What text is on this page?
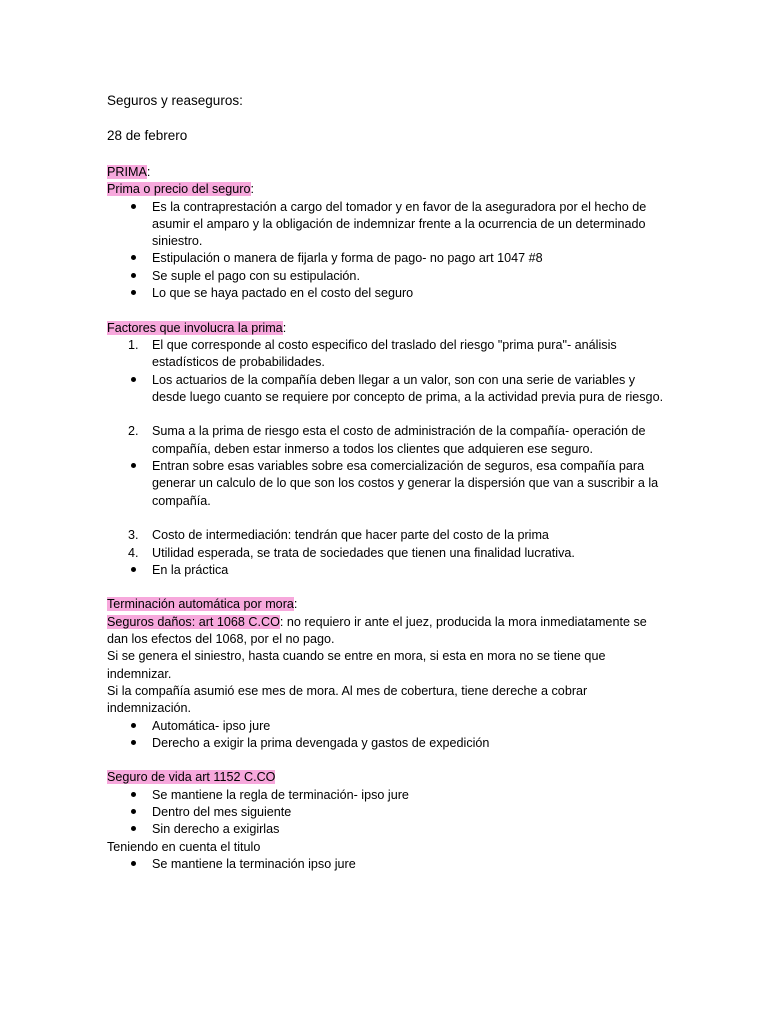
Seguros y reaseguros:

28 de febrero

PRIMA:

Prima o precio del seguro:

Es la contraprestación a cargo del tomador y en favor de la aseguradora por el hecho de asumir el amparo y la obligación de indemnizar frente a la ocurrencia de un determinado siniestro.
Estipulación o manera de fijarla y forma de pago- no pago art 1047 #8
Se suple el pago con su estipulación.
Lo que se haya pactado en el costo del seguro

Factores que involucra la prima:

1.	El que corresponde al costo especifico del traslado del riesgo "prima pura"- análisis estadísticos de probabilidades.
Los actuarios de la compañía deben llegar a un valor, son con una serie de variables y desde luego cuanto se requiere por concepto de prima, a la actividad previa pura de riesgo.
2.	Suma a la prima de riesgo esta el costo de administración de la compañía- operación de compañía, deben estar inmerso a todos los clientes que adquieren ese seguro.
Entran sobre esas variables sobre esa comercialización de seguros, esa compañía para generar un calculo de lo que son los costos y generar la dispersión que van a suscribir a la compañía.
3.	Costo de intermediación: tendrán que hacer parte del costo de la prima
4.	Utilidad esperada, se trata de sociedades que tienen una finalidad lucrativa.
En la práctica

Terminación automática por mora:

Seguros daños: art 1068 C.CO: no requiero ir ante el juez, producida la mora inmediatamente se dan los efectos del 1068, por el no pago.

Si se genera el siniestro, hasta cuando se entre en mora, si esta en mora no se tiene que indemnizar.

Si la compañía asumió ese mes de mora. Al mes de cobertura, tiene dereche a cobrar indemnización.

Automática- ipso jure
Derecho a exigir la prima devengada y gastos de expedición

Seguro de vida art 1152 C.CO

Se mantiene la regla de terminación- ipso jure
Dentro del mes siguiente
Sin derecho a exigirlas

Teniendo en cuenta el titulo

Se mantiene la terminación ipso jure
